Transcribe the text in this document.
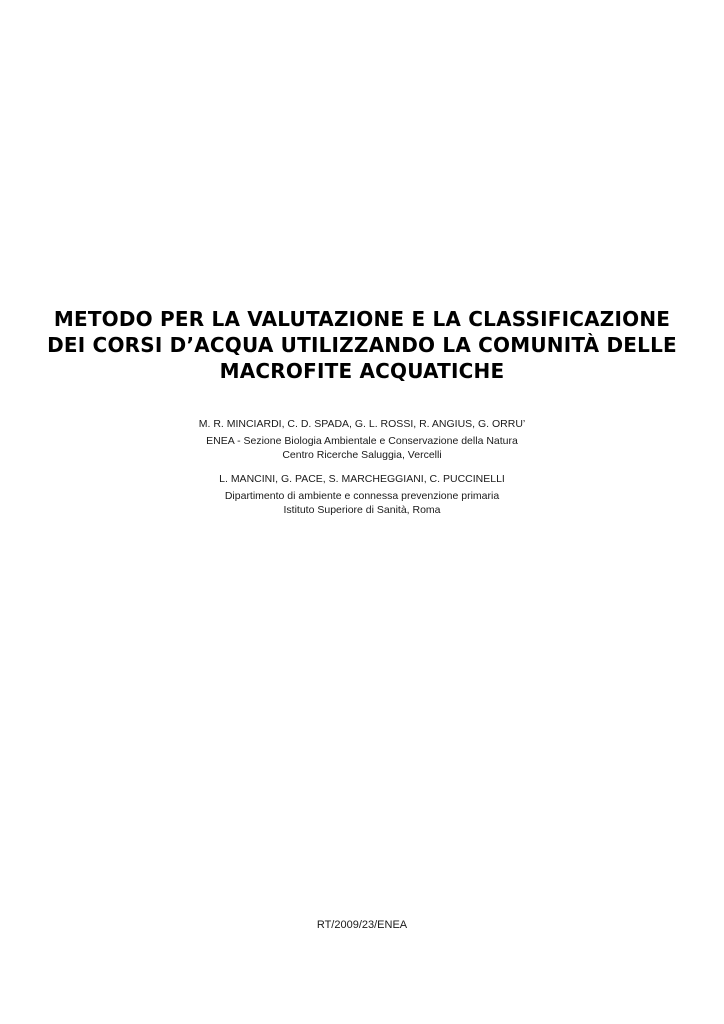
METODO PER LA VALUTAZIONE E LA CLASSIFICAZIONE
DEI CORSI D’ACQUA UTILIZZANDO LA COMUNITÀ DELLE
MACROFITE ACQUATICHE
M. R. MINCIARDI, C. D. SPADA, G. L. ROSSI, R. ANGIUS, G. ORRU’
ENEA - Sezione Biologia Ambientale e Conservazione della Natura
Centro Ricerche Saluggia, Vercelli
L. MANCINI, G. PACE, S. MARCHEGGIANI, C. PUCCINELLI
Dipartimento di ambiente e connessa prevenzione primaria
Istituto Superiore di Sanità, Roma
RT/2009/23/ENEA
